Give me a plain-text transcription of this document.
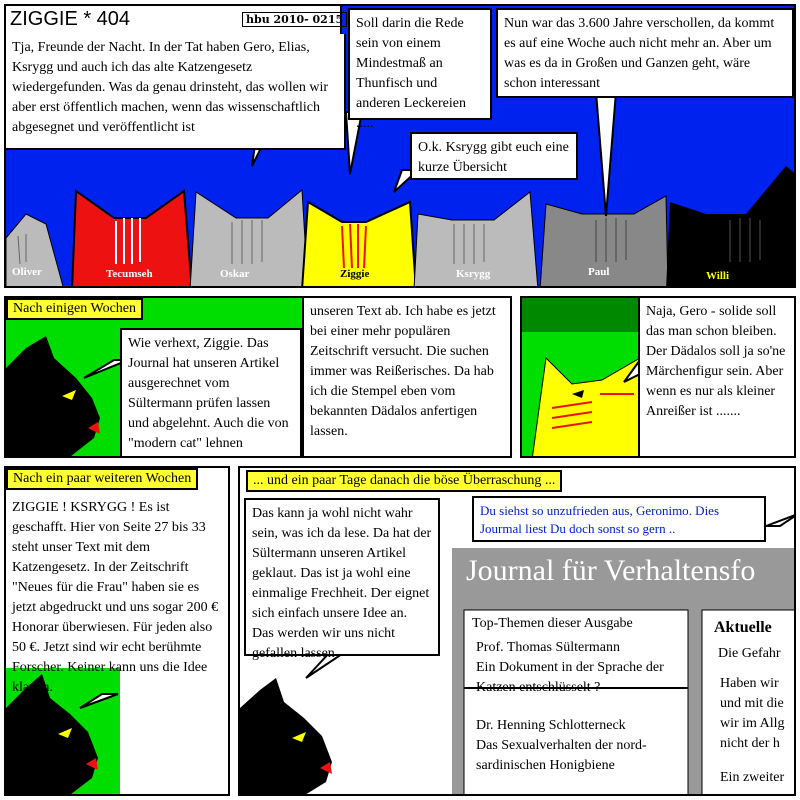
ZIGGIE * 404	hbu 2010- 0215
Tja, Freunde der Nacht. In der Tat haben Gero, Elias, Ksrygg und auch ich das alte Katzengesetz wiedergefunden. Was da genau drinsteht, das wollen wir aber erst öffentlich machen, wenn das wissenschaftlich abgesegnet und veröffentlicht ist
Soll darin die Rede sein von einem Mindestmaß an Thunfisch und anderen Leckereien .....
Nun war das 3.600 Jahre verschollen, da kommt es auf eine Woche auch nicht mehr an. Aber um was es da in Großen und Ganzen geht, wäre schon interessant
O.k. Ksrygg gibt euch eine kurze Übersicht
Oliver	Tecumseh	Oskar	Ziggie	Ksrygg	Paul	Willi
Nach einigen Wochen
Wie verhext, Ziggie. Das Journal hat unseren Artikel ausgerechnet vom Sültermann prüfen lassen und abgelehnt. Auch die von "modern cat" lehnen
unseren Text ab. Ich habe es jetzt bei einer mehr populären Zeitschrift versucht. Die suchen immer was Reißerisches. Da hab ich die Stempel eben vom bekannten Dädalos anfertigen lassen.
Naja, Gero - solide soll das man schon bleiben. Der Dädalos soll ja so'ne Märchenfigur sein. Aber wenn es nur als kleiner Anreißer ist .......
Nach ein paar weiteren Wochen
ZIGGIE ! KSRYGG ! Es ist geschafft. Hier von Seite 27 bis 33 steht unser Text mit dem Katzengesetz. In der Zeitschrift "Neues für die Frau" haben sie es jetzt abgedruckt und uns sogar 200 € Honorar überwiesen. Für jeden also 50 €. Jetzt sind wir echt berühmte Forscher. Keiner kann uns die Idee klauen.
... und ein paar Tage danach die böse Überraschung ...
Das kann ja wohl nicht wahr sein, was ich da lese. Da hat der Sültermann unseren Artikel geklaut. Das ist ja wohl eine einmalige Frechheit. Der eignet sich einfach unsere Idee an. Das werden wir uns nicht gefallen lassen
Du siehst so unzufrieden aus, Geronimo. Dies Jourmal liest Du doch sonst so gern ..
Journal für Verhaltensfo
Top-Themen dieser Ausgabe
Prof. Thomas Sültermann
Ein Dokument in der Sprache der Katzen entschlüsselt ?
Dr. Henning Schlotterneck
Das Sexualverhalten der nord-sardinischen Honigbiene
Aktuelle
Die Gefahr
Haben wir und mit die wir im Allg nicht der h
Ein zweiter
